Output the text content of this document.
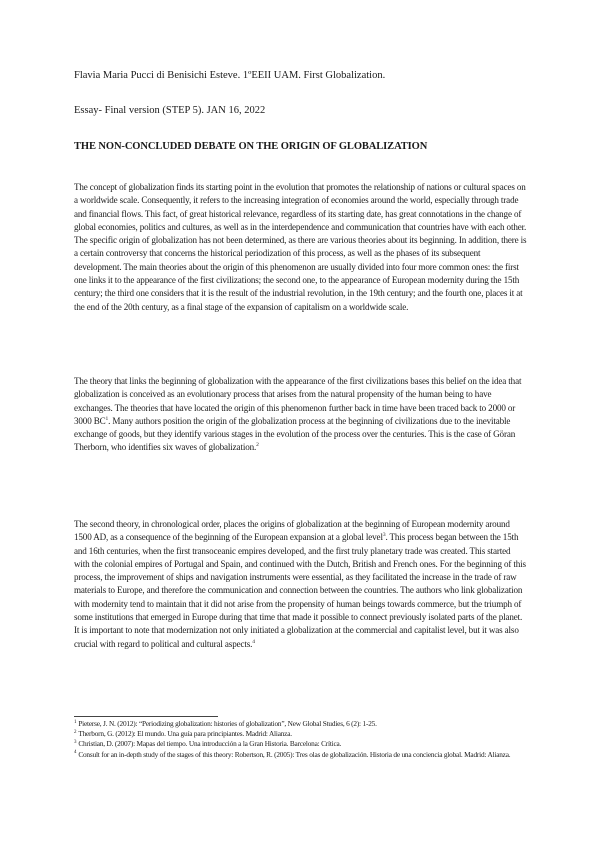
Flavia Maria Pucci di Benisichi Esteve. 1ºEEII UAM. First Globalization.
Essay- Final version (STEP 5). JAN 16, 2022
THE NON-CONCLUDED DEBATE ON THE ORIGIN OF GLOBALIZATION

The concept of globalization finds its starting point in the evolution that promotes the relationship of nations or cultural spaces on a worldwide scale. Consequently, it refers to the increasing integration of economies around the world, especially through trade and financial flows. This fact, of great historical relevance, regardless of its starting date, has great connotations in the change of global economies, politics and cultures, as well as in the interdependence and communication that countries have with each other. The specific origin of globalization has not been determined, as there are various theories about its beginning. In addition, there is a certain controversy that concerns the historical periodization of this process, as well as the phases of its subsequent development. The main theories about the origin of this phenomenon are usually divided into four more common ones: the first one links it to the appearance of the first civilizations; the second one, to the appearance of European modernity during the 15th century; the third one considers that it is the result of the industrial revolution, in the 19th century; and the fourth one, places it at the end of the 20th century, as a final stage of the expansion of capitalism on a worldwide scale.

The theory that links the beginning of globalization with the appearance of the first civilizations bases this belief on the idea that globalization is conceived as an evolutionary process that arises from the natural propensity of the human being to have exchanges. The theories that have located the origin of this phenomenon further back in time have been traced back to 2000 or 3000 $BC^1$. Many authors position the origin of the globalization process at the beginning of civilizations due to the inevitable exchange of goods, but they identify various stages in the evolution of the process over the centuries. This is the case of Göran Therborn, who identifies six waves of globalization.$^2$

The second theory, in chronological order, places the origins of globalization at the beginning of European modernity around 1500 AD, as a consequence of the beginning of the European expansion at a global level$^3$. This process began between the 15th and 16th centuries, when the first transoceanic empires developed, and the first truly planetary trade was created. This started with the colonial empires of Portugal and Spain, and continued with the Dutch, British and French ones. For the beginning of this process, the improvement of ships and navigation instruments were essential, as they facilitated the increase in the trade of raw materials to Europe, and therefore the communication and connection between the countries. The authors who link globalization with modernity tend to maintain that it did not arise from the propensity of human beings towards commerce, but the triumph of some institutions that emerged in Europe during that time that made it possible to connect previously isolated parts of the planet.

It is important to note that modernization not only initiated a globalization at the commercial and capitalist level, but it was also crucial with regard to political and cultural aspects.$^4$

$^1$ Pieterse, J. N. (2012): “Periodizing globalization: histories of globalization”, New Global Studies, 6 (2): 1-25.

$^2$ Therborn, G. (2012): El mundo. Una guía para principiantes. Madrid: Alianza.

$^3$ Christian, D. (2007): Mapas del tiempo. Una introducción a la Gran Historia. Barcelona: Crítica.

$^4$ Consult for an in-depth study of the stages of this theory: Robertson, R. (2005): Tres olas de globalización. Historia de una conciencia global. Madrid: Alianza.
